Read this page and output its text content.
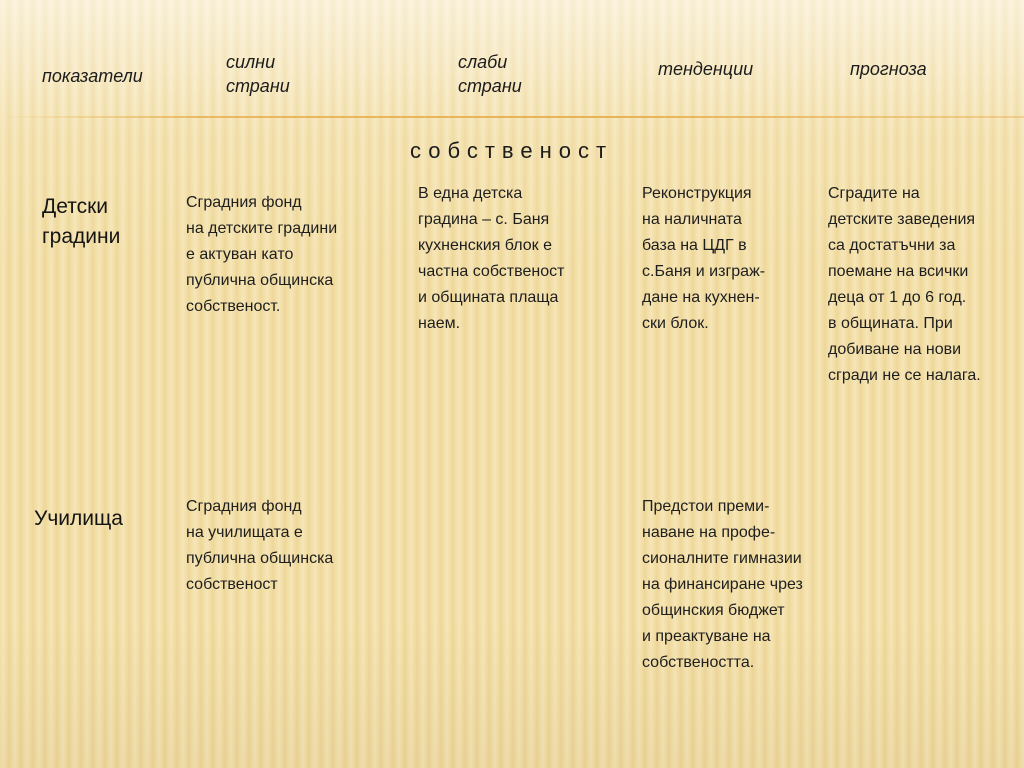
показатели
силни
страни
слаби
страни
тенденции	прогноза
собственост
Детски
градини
Сградния фонд
на детските градини
е актуван като
публична общинска
собственост.
В една детска
градина – с. Баня
кухненския блок е
частна собственост
и общината плаща
наем.
Реконструкция
на наличната
база на ЦДГ в
с.Баня и изграж-
дане на кухнен-
ски блок.
Сградите на
детските заведения
са достатъчни за
поемане на всички
деца от 1 до 6 год.
в общината. При
добиване на нови
сгради не се налага.
Училища
Сградния фонд
на училищата е
публична общинска
собственост
Предстои преми-
наване на профе-
сионалните гимназии
на финансиране чрез
общинския бюджет
и преактуване на
собствеността.
